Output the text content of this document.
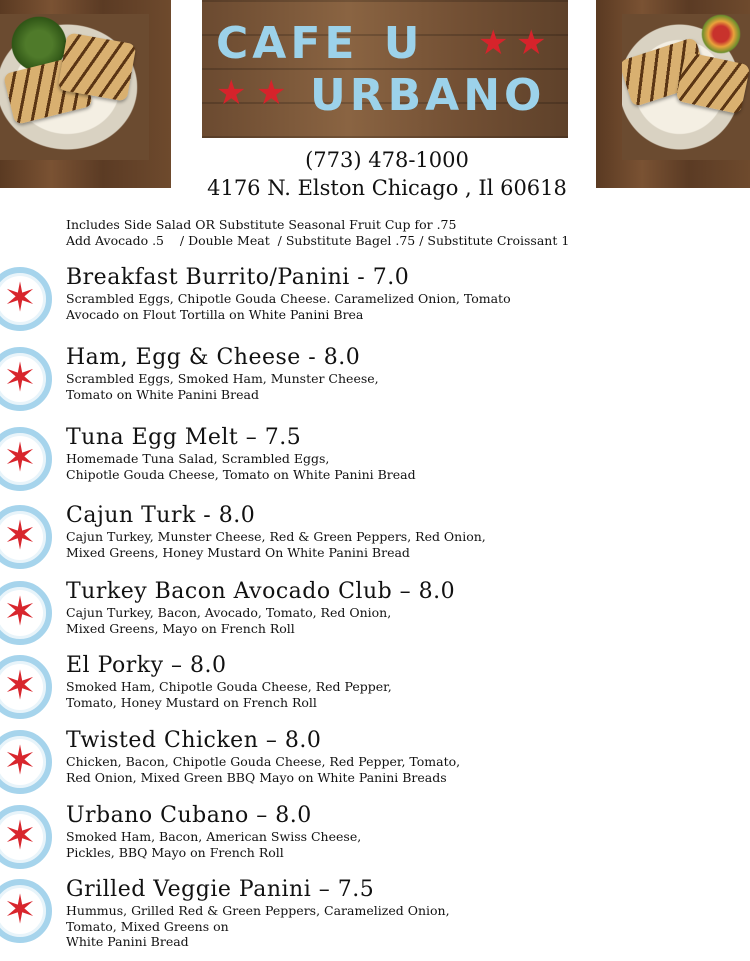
CAFE U ★ ★
★ ★ URBANO
(773) 478-1000
4176 N. Elston Chicago , Il 60618
Includes Side Salad OR Substitute Seasonal Fruit Cup for .75
Add Avocado .5    / Double Meat  / Substitute Bagel .75 / Substitute Croissant 1
✶	Breakfast Burrito/Panini - 7.0
Scrambled Eggs, Chipotle Gouda Cheese. Caramelized Onion, Tomato
Avocado on Flout Tortilla on White Panini Brea
✶	Ham, Egg & Cheese - 8.0
Scrambled Eggs, Smoked Ham, Munster Cheese,
Tomato on White Panini Bread
✶	Tuna Egg Melt – 7.5
Homemade Tuna Salad, Scrambled Eggs,
Chipotle Gouda Cheese, Tomato on White Panini Bread
✶	Cajun Turk - 8.0
Cajun Turkey, Munster Cheese, Red & Green Peppers, Red Onion,
Mixed Greens, Honey Mustard On White Panini Bread
✶	Turkey Bacon Avocado Club – 8.0
Cajun Turkey, Bacon, Avocado, Tomato, Red Onion,
Mixed Greens, Mayo on French Roll
✶	El Porky – 8.0
Smoked Ham, Chipotle Gouda Cheese, Red Pepper,
Tomato, Honey Mustard on French Roll
✶	Twisted Chicken – 8.0
Chicken, Bacon, Chipotle Gouda Cheese, Red Pepper, Tomato,
Red Onion, Mixed Green BBQ Mayo on White Panini Breads
✶	Urbano Cubano – 8.0
Smoked Ham, Bacon, American Swiss Cheese,
Pickles, BBQ Mayo on French Roll
✶	Grilled Veggie Panini – 7.5
Hummus, Grilled Red & Green Peppers, Caramelized Onion,
Tomato, Mixed Greens on
White Panini Bread
